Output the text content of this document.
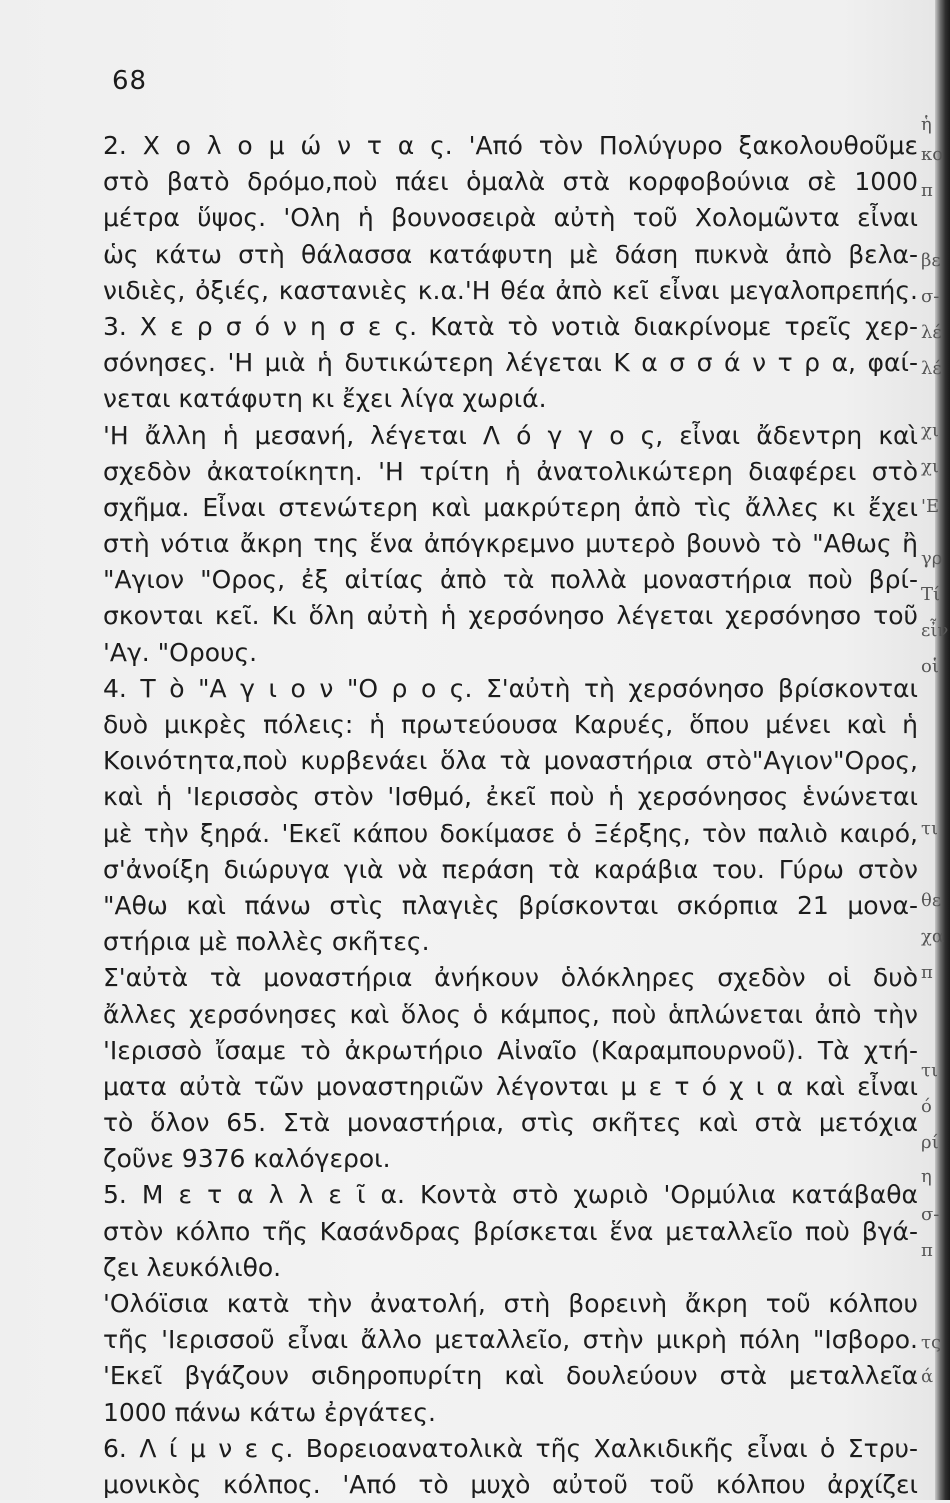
68
2. Χ ο λ ο μ ώ ν τ α ς. 'Από τὸν Πολύγυρο ξακολουθοῦμε
στὸ βατὸ δρόμο,ποὺ πάει ὁμαλὰ στὰ κορφοβούνια σὲ 1000
μέτρα ὕψος. 'Ολη ἡ βουνοσειρὰ αὐτὴ τοῦ Χολομῶντα εἶναι
ὡς κάτω στὴ θάλασσα κατάφυτη μὲ δάση πυκνὰ ἀπὸ βελα-
νιδιὲς, ὀξιές, καστανιὲς κ.α.'Η θέα ἀπὸ κεῖ εἶναι μεγαλοπρεπής.
3. Χ ε ρ σ ό ν η σ ε ς. Κατὰ τὸ νοτιὰ διακρίνομε τρεῖς χερ-
σόνησες. 'Η μιὰ ἡ δυτικώτερη λέγεται Κ α σ σ ά ν τ ρ α, φαί-
νεται κατάφυτη κι ἔχει λίγα χωριά.
'Η ἄλλη ἡ μεσανή, λέγεται Λ ό γ γ ο ς, εἶναι ἄδεντρη καὶ
σχεδὸν ἀκατοίκητη. 'Η τρίτη ἡ ἀνατολικώτερη διαφέρει στὸ
σχῆμα. Εἶναι στενώτερη καὶ μακρύτερη ἀπὸ τὶς ἄλλες κι ἔχει
στὴ νότια ἄκρη της ἕνα ἀπόγκρεμνο μυτερὸ βουνὸ τὸ "Αθως ἢ
"Αγιον "Ορος, ἐξ αἰτίας ἀπὸ τὰ πολλὰ μοναστήρια ποὺ βρί-
σκονται κεῖ. Κι ὅλη αὐτὴ ἡ χερσόνησο λέγεται χερσόνησο τοῦ
'Αγ. "Ορους.
4. Τ ὸ "Α γ ι ο ν "Ο ρ ο ς. Σ'αὐτὴ τὴ χερσόνησο βρίσκονται
δυὸ μικρὲς πόλεις: ἡ πρωτεύουσα Καρυές, ὅπου μένει καὶ ἡ
Κοινότητα,ποὺ κυρβενάει ὅλα τὰ μοναστήρια στὸ"Αγιον"Ορος,
καὶ ἡ 'Ιερισσὸς στὸν 'Ισθμό, ἐκεῖ ποὺ ἡ χερσόνησος ἑνώνεται
μὲ τὴν ξηρά. 'Εκεῖ κάπου δοκίμασε ὁ Ξέρξης, τὸν παλιὸ καιρό,
σ'ἀνοίξη διώρυγα γιὰ νὰ περάση τὰ καράβια του. Γύρω στὸν
"Αθω καὶ πάνω στὶς πλαγιὲς βρίσκονται σκόρπια 21 μονα-
στήρια μὲ πολλὲς σκῆτες.
Σ'αὐτὰ τὰ μοναστήρια ἀνήκουν ὁλόκληρες σχεδὸν οἱ δυὸ
ἄλλες χερσόνησες καὶ ὅλος ὁ κάμπος, ποὺ ἁπλώνεται ἀπὸ τὴν
'Ιερισσὸ ἴσαμε τὸ ἀκρωτήριο Αἰναῖο (Καραμπουρνοῦ). Τὰ χτή-
ματα αὐτὰ τῶν μοναστηριῶν λέγονται μ ε τ ό χ ι α καὶ εἶναι
τὸ ὅλον 65. Στὰ μοναστήρια, στὶς σκῆτες καὶ στὰ μετόχια
ζοῦνε 9376 καλόγεροι.
5. Μ ε τ α λ λ ε ῖ α. Κοντὰ στὸ χωριὸ 'Ορμύλια κατάβαθα
στὸν κόλπο τῆς Κασάνδρας βρίσκεται ἕνα μεταλλεῖο ποὺ βγά-
ζει λευκόλιθο.
'Ολόϊσια κατὰ τὴν ἀνατολή, στὴ βορεινὴ ἄκρη τοῦ κόλπου
τῆς 'Ιερισσοῦ εἶναι ἄλλο μεταλλεῖο, στὴν μικρὴ πόλη "Ισβορο.
'Εκεῖ βγάζουν σιδηροπυρίτη καὶ δουλεύουν στὰ μεταλλεῖα
1000 πάνω κάτω ἐργάτες.
6. Λ ί μ ν ε ς. Βορειοανατολικὰ τῆς Χαλκιδικῆς εἶναι ὁ Στρυ-
μονικὸς κόλπος. 'Από τὸ μυχὸ αὐτοῦ τοῦ κόλπου ἀρχίζει
ἡ
κο
π
βε
σ-
λέ
λέ
χι
χι
'Ε
γρ
Τί
εἶν
οἱ
τι
θε
χα
π
τι
ό
ρί
η
σ-
π
τς
ά
